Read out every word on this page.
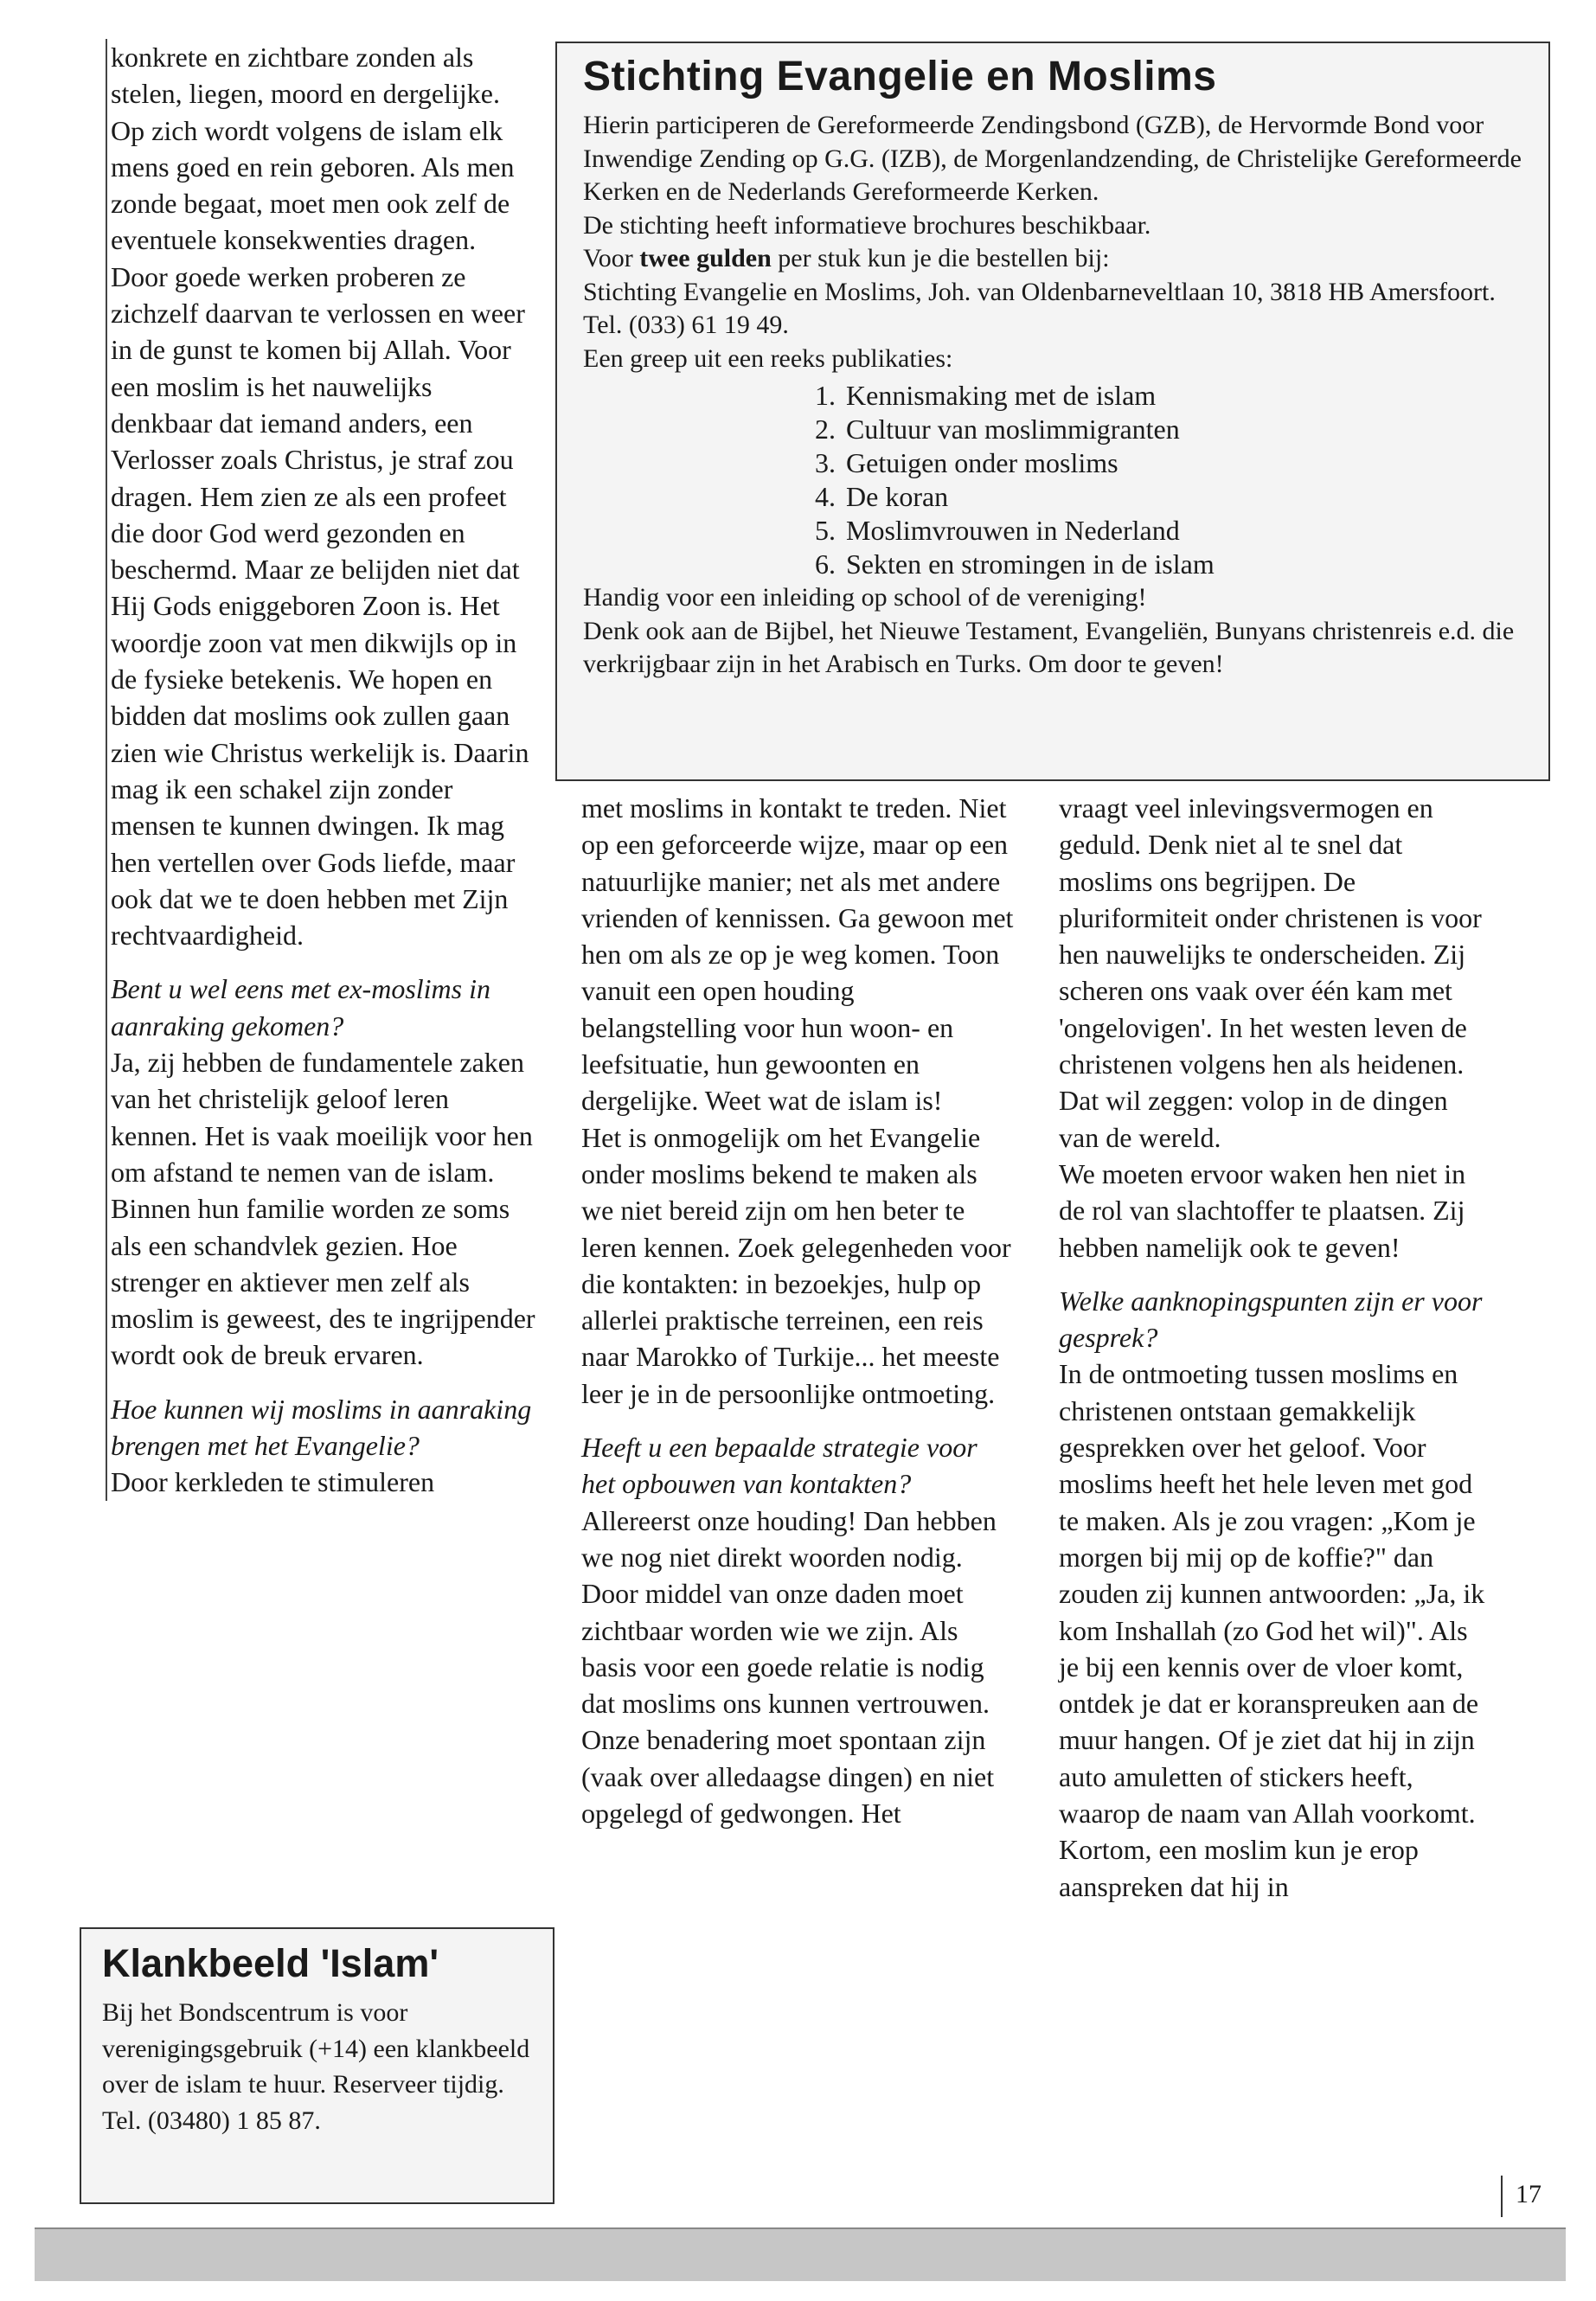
konkrete en zichtbare zonden als stelen, liegen, moord en dergelijke. Op zich wordt volgens de islam elk mens goed en rein geboren. Als men zonde begaat, moet men ook zelf de eventuele konsekwenties dragen. Door goede werken proberen ze zichzelf daarvan te verlossen en weer in de gunst te komen bij Allah. Voor een moslim is het nauwelijks denkbaar dat iemand anders, een Verlosser zoals Christus, je straf zou dragen. Hem zien ze als een profeet die door God werd gezonden en beschermd. Maar ze belijden niet dat Hij Gods eniggeboren Zoon is. Het woordje zoon vat men dikwijls op in de fysieke betekenis. We hopen en bidden dat moslims ook zullen gaan zien wie Christus werkelijk is. Daarin mag ik een schakel zijn zonder mensen te kunnen dwingen. Ik mag hen vertellen over Gods liefde, maar ook dat we te doen hebben met Zijn rechtvaardigheid.

Bent u wel eens met ex-moslims in aanraking gekomen?

Ja, zij hebben de fundamentele zaken van het christelijk geloof leren kennen. Het is vaak moeilijk voor hen om afstand te nemen van de islam. Binnen hun familie worden ze soms als een schandvlek gezien. Hoe strenger en aktiever men zelf als moslim is geweest, des te ingrijpender wordt ook de breuk ervaren.

Hoe kunnen wij moslims in aanraking brengen met het Evangelie?

Door kerkleden te stimuleren

Stichting Evangelie en Moslims

Hierin participeren de Gereformeerde Zendingsbond (GZB), de Hervormde Bond voor Inwendige Zending op G.G. (IZB), de Morgenlandzending, de Christelijke Gereformeerde Kerken en de Nederlands Gereformeerde Kerken.

De stichting heeft informatieve brochures beschikbaar.

Voor twee gulden per stuk kun je die bestellen bij:

Stichting Evangelie en Moslims, Joh. van Oldenbarneveltlaan 10, 3818 HB Amersfoort. Tel. (033) 61 19 49.

Een greep uit een reeks publikaties:

1. Kennismaking met de islam
2. Cultuur van moslimmigranten
3. Getuigen onder moslims
4. De koran
5. Moslimvrouwen in Nederland
6. Sekten en stromingen in de islam

Handig voor een inleiding op school of de vereniging!

Denk ook aan de Bijbel, het Nieuwe Testament, Evangeliën, Bunyans christenreis e.d. die verkrijgbaar zijn in het Arabisch en Turks. Om door te geven!

met moslims in kontakt te treden. Niet op een geforceerde wijze, maar op een natuurlijke manier; net als met andere vrienden of kennissen. Ga gewoon met hen om als ze op je weg komen. Toon vanuit een open houding belangstelling voor hun woon- en leefsituatie, hun gewoonten en dergelijke. Weet wat de islam is!

Het is onmogelijk om het Evangelie onder moslims bekend te maken als we niet bereid zijn om hen beter te leren kennen. Zoek gelegenheden voor die kontakten: in bezoekjes, hulp op allerlei praktische terreinen, een reis naar Marokko of Turkije... het meeste leer je in de persoonlijke ontmoeting.

Heeft u een bepaalde strategie voor het opbouwen van kontakten?

Allereerst onze houding! Dan hebben we nog niet direkt woorden nodig. Door middel van onze daden moet zichtbaar worden wie we zijn. Als basis voor een goede relatie is nodig dat moslims ons kunnen vertrouwen. Onze benadering moet spontaan zijn (vaak over alledaagse dingen) en niet opgelegd of gedwongen. Het

vraagt veel inlevingsvermogen en geduld. Denk niet al te snel dat moslims ons begrijpen. De pluriformiteit onder christenen is voor hen nauwelijks te onderscheiden. Zij scheren ons vaak over één kam met 'ongelovigen'. In het westen leven de christenen volgens hen als heidenen. Dat wil zeggen: volop in de dingen van de wereld.

We moeten ervoor waken hen niet in de rol van slachtoffer te plaatsen. Zij hebben namelijk ook te geven!

Welke aanknopingspunten zijn er voor gesprek?

In de ontmoeting tussen moslims en christenen ontstaan gemakkelijk gesprekken over het geloof. Voor moslims heeft het hele leven met god te maken. Als je zou vragen: „Kom je morgen bij mij op de koffie?" dan zouden zij kunnen antwoorden: „Ja, ik kom Inshallah (zo God het wil)". Als je bij een kennis over de vloer komt, ontdek je dat er koranspreuken aan de muur hangen. Of je ziet dat hij in zijn auto amuletten of stickers heeft, waarop de naam van Allah voorkomt. Kortom, een moslim kun je erop aanspreken dat hij in

Klankbeeld 'Islam'

Bij het Bondscentrum is voor verenigingsgebruik (+14) een klankbeeld over de islam te huur. Reserveer tijdig. Tel. (03480) 1 85 87.

17
